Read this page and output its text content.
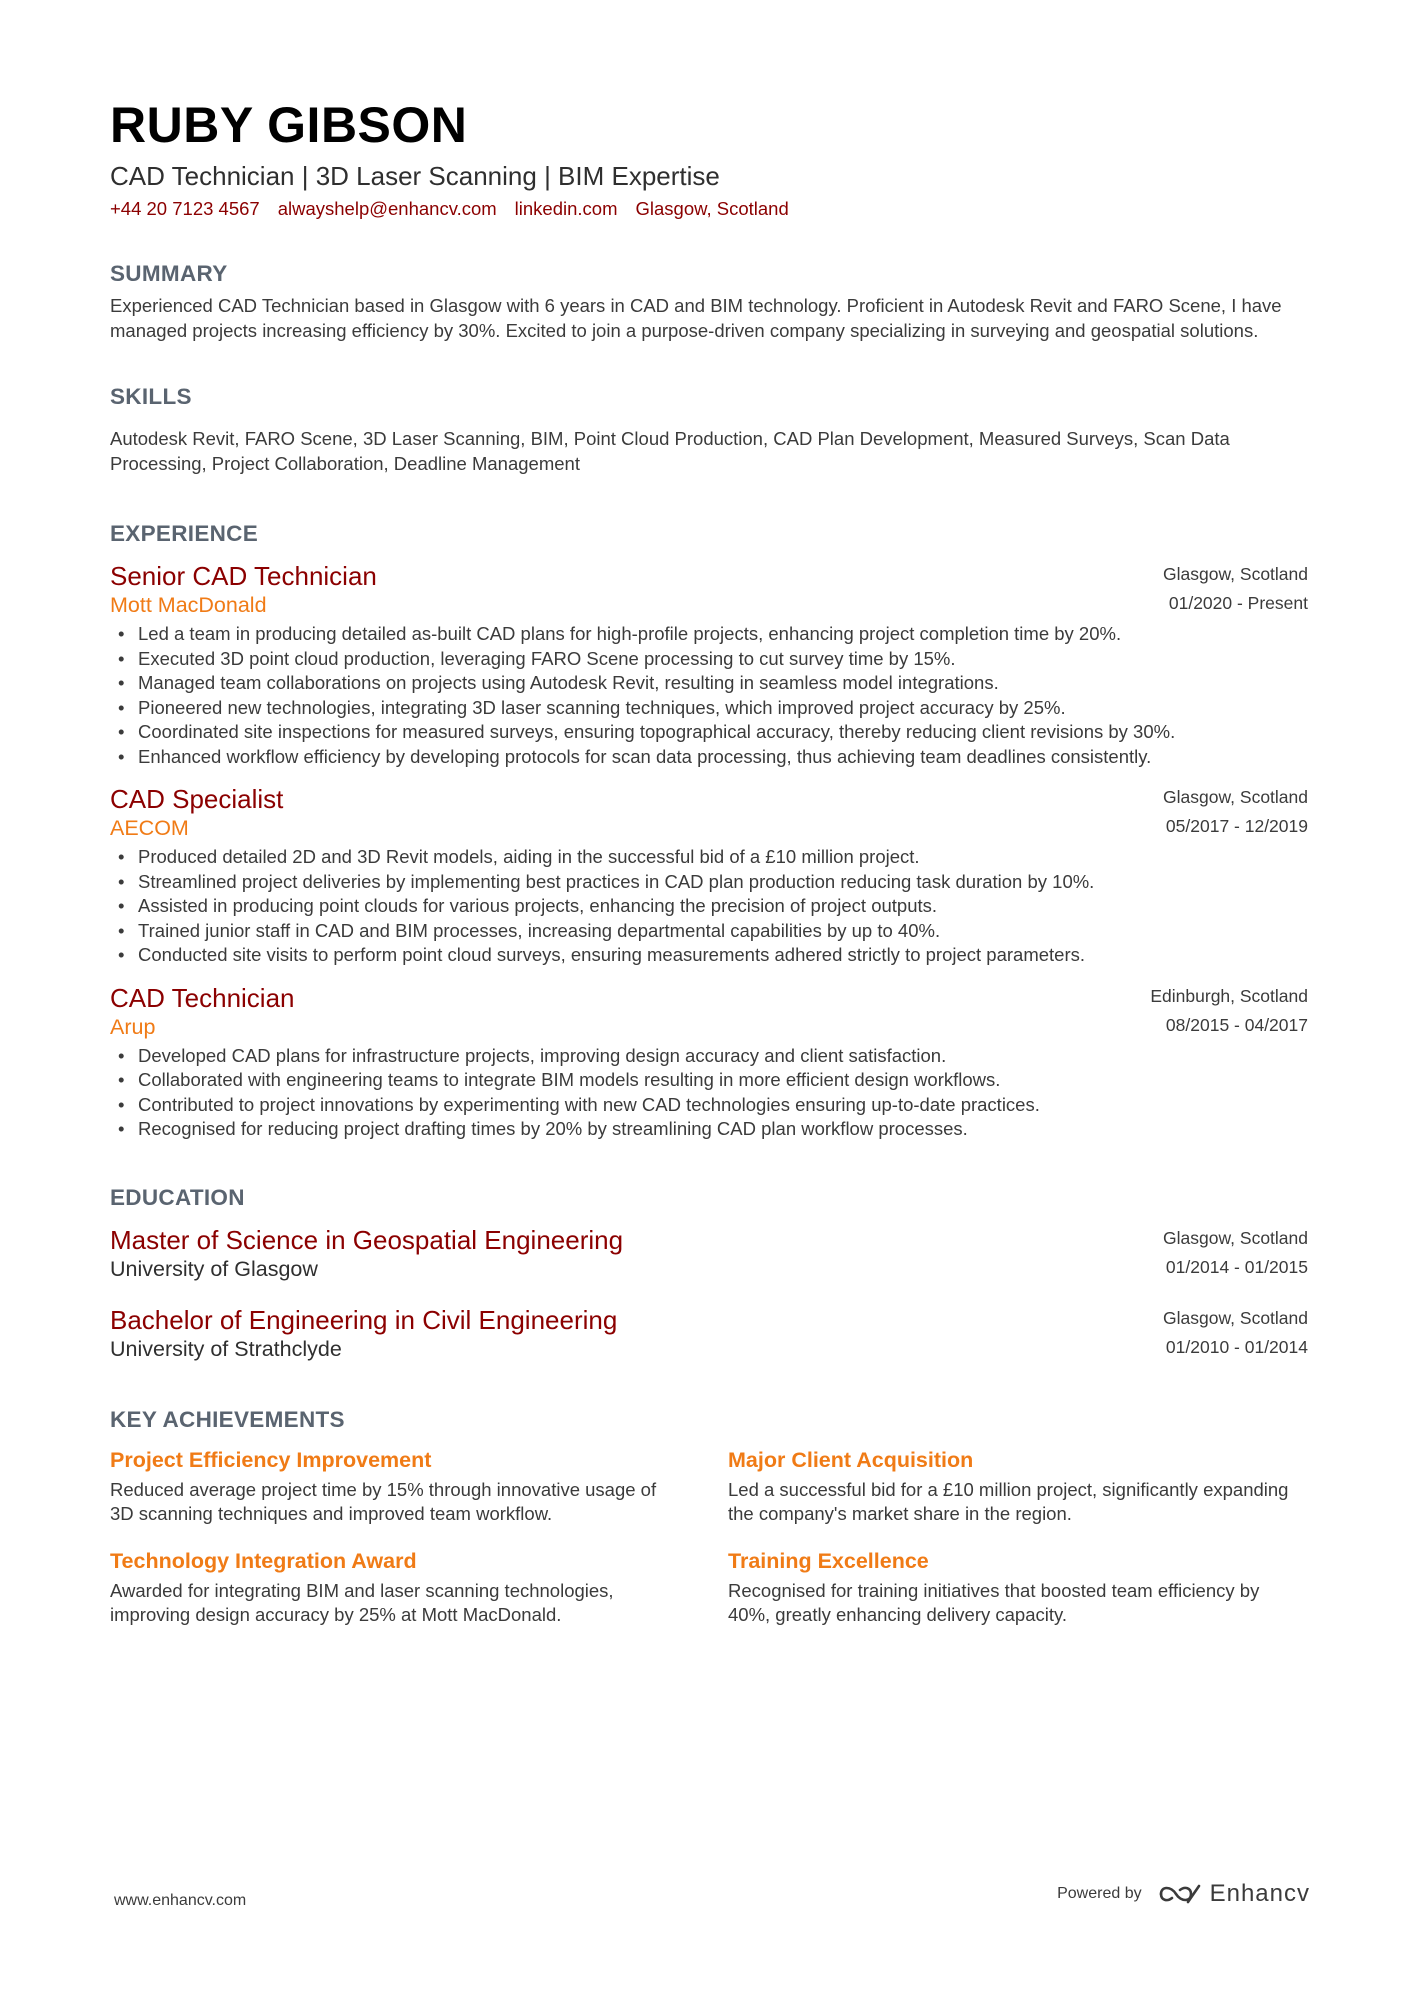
RUBY GIBSON
CAD Technician | 3D Laser Scanning | BIM Expertise
+44 20 7123 4567 alwayshelp@enhancv.com linkedin.com Glasgow, Scotland
SUMMARY

Experienced CAD Technician based in Glasgow with 6 years in CAD and BIM technology. Proficient in Autodesk Revit and FARO Scene, I have managed projects increasing efficiency by 30%. Excited to join a purpose-driven company specializing in surveying and geospatial solutions.

SKILLS

Autodesk Revit, FARO Scene, 3D Laser Scanning, BIM, Point Cloud Production, CAD Plan Development, Measured Surveys, Scan Data Processing, Project Collaboration, Deadline Management

EXPERIENCE
Senior CAD Technician
Mott MacDonald
Glasgow, Scotland
01/2020 - Present
• Led a team in producing detailed as-built CAD plans for high-profile projects, enhancing project completion time by 20%.
• Executed 3D point cloud production, leveraging FARO Scene processing to cut survey time by 15%.
• Managed team collaborations on projects using Autodesk Revit, resulting in seamless model integrations.
• Pioneered new technologies, integrating 3D laser scanning techniques, which improved project accuracy by 25%.
• Coordinated site inspections for measured surveys, ensuring topographical accuracy, thereby reducing client revisions by 30%.
• Enhanced workflow efficiency by developing protocols for scan data processing, thus achieving team deadlines consistently.
CAD Specialist
AECOM
Glasgow, Scotland
05/2017 - 12/2019
• Produced detailed 2D and 3D Revit models, aiding in the successful bid of a £10 million project.
• Streamlined project deliveries by implementing best practices in CAD plan production reducing task duration by 10%.
• Assisted in producing point clouds for various projects, enhancing the precision of project outputs.
• Trained junior staff in CAD and BIM processes, increasing departmental capabilities by up to 40%.
• Conducted site visits to perform point cloud surveys, ensuring measurements adhered strictly to project parameters.
CAD Technician
Arup
Edinburgh, Scotland
08/2015 - 04/2017
• Developed CAD plans for infrastructure projects, improving design accuracy and client satisfaction.
• Collaborated with engineering teams to integrate BIM models resulting in more efficient design workflows.
• Contributed to project innovations by experimenting with new CAD technologies ensuring up-to-date practices.
• Recognised for reducing project drafting times by 20% by streamlining CAD plan workflow processes.
EDUCATION
Master of Science in Geospatial Engineering
University of Glasgow
Glasgow, Scotland
01/2014 - 01/2015
Bachelor of Engineering in Civil Engineering
University of Strathclyde
Glasgow, Scotland
01/2010 - 01/2014
KEY ACHIEVEMENTS
Project Efficiency Improvement
Reduced average project time by 15% through innovative usage of 3D scanning techniques and improved team workflow.
Major Client Acquisition
Led a successful bid for a £10 million project, significantly expanding the company's market share in the region.
Technology Integration Award
Awarded for integrating BIM and laser scanning technologies, improving design accuracy by 25% at Mott MacDonald.
Training Excellence
Recognised for training initiatives that boosted team efficiency by 40%, greatly enhancing delivery capacity.
www.enhancv.com	Powered by	Enhancv
